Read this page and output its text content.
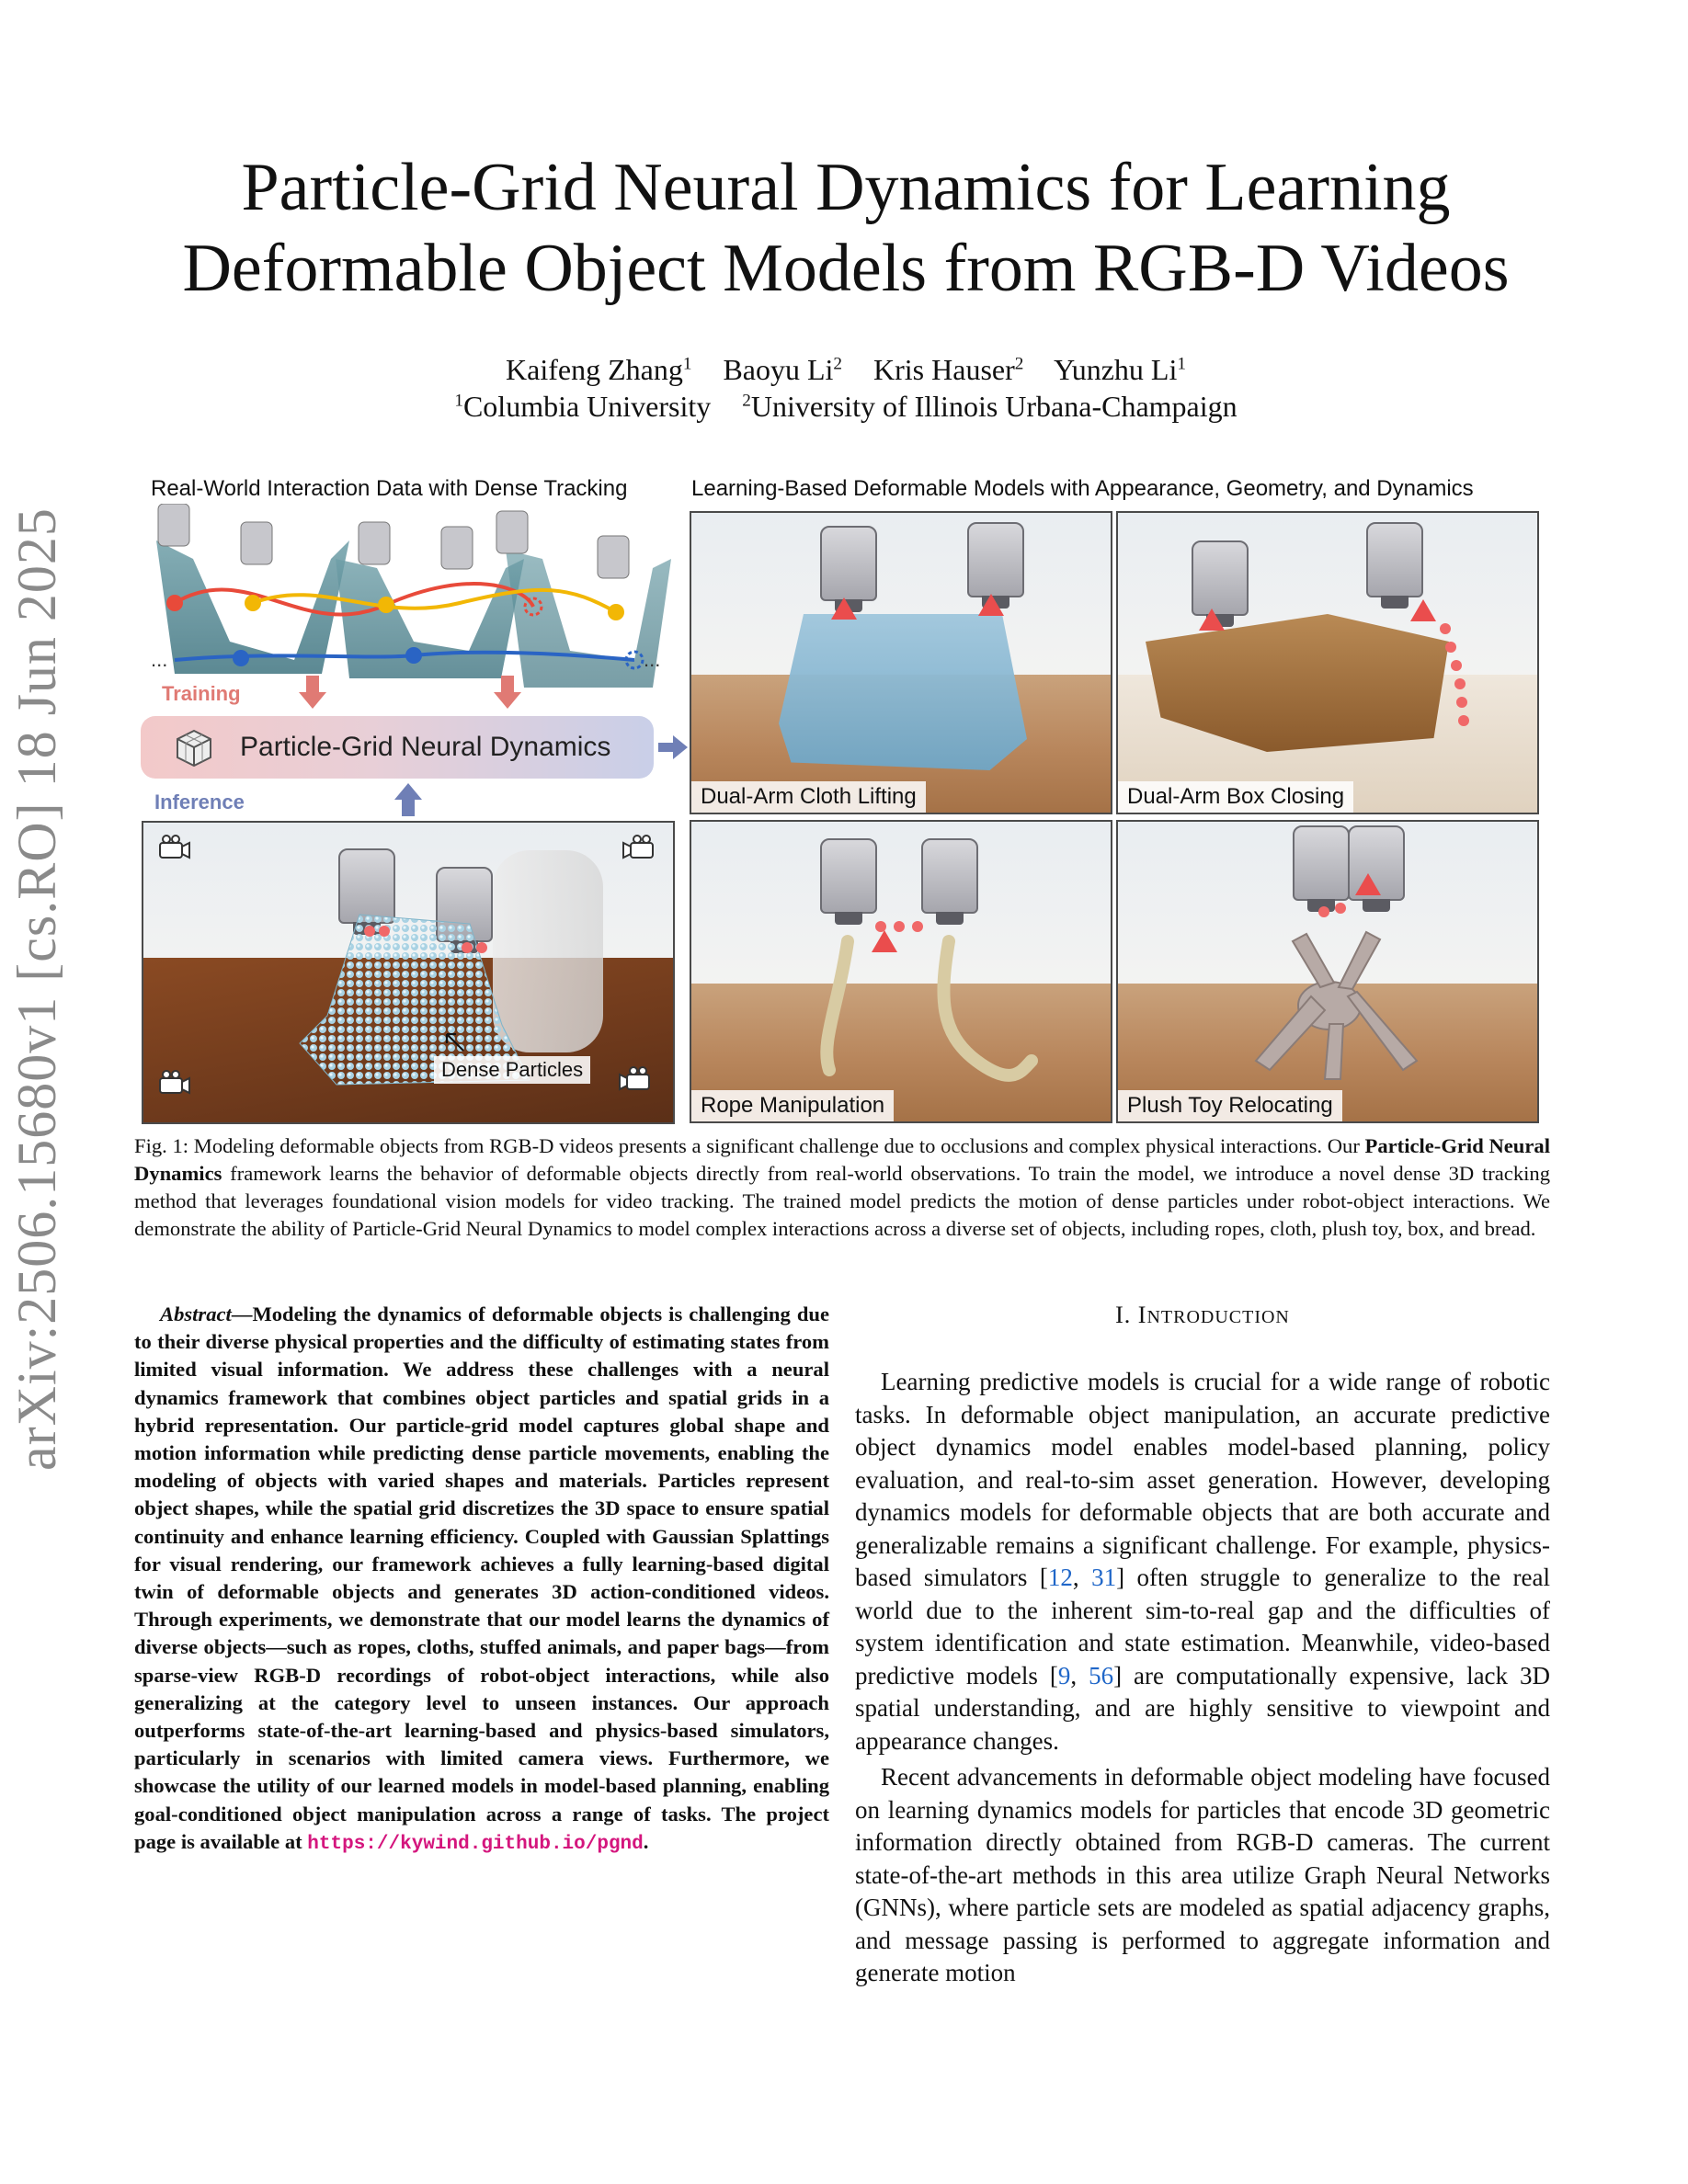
arXiv:2506.15680v1 [cs.RO] 18 Jun 2025
Particle-Grid Neural Dynamics for Learning
Deformable Object Models from RGB-D Videos
Kaifeng Zhang$^1$ Baoyu Li$^2$ Kris Hauser$^2$ Yunzhu Li$^1$
$^1$Columbia University $^2$University of Illinois Urbana-Champaign
Real-World Interaction Data with Dense Tracking	Learning-Based Deformable Models with Appearance, Geometry, and Dynamics
...	...
Training
Particle-Grid Neural Dynamics
Inference
Dense Particles
Dual-Arm Cloth Lifting	Dual-Arm Box Closing
Rope Manipulation	Plush Toy Relocating
Fig. 1: Modeling deformable objects from RGB-D videos presents a significant challenge due to occlusions and complex physical interactions. Our Particle-Grid Neural Dynamics framework learns the behavior of deformable objects directly from real-world observations. To train the model, we introduce a novel dense 3D tracking method that leverages foundational vision models for video tracking. The trained model predicts the motion of dense particles under robot-object interactions. We demonstrate the ability of Particle-Grid Neural Dynamics to model complex interactions across a diverse set of objects, including ropes, cloth, plush toy, box, and bread.
Abstract—Modeling the dynamics of deformable objects is challenging due to their diverse physical properties and the difficulty of estimating states from limited visual information. We address these challenges with a neural dynamics framework that combines object particles and spatial grids in a hybrid representation. Our particle-grid model captures global shape and motion information while predicting dense particle movements, enabling the modeling of objects with varied shapes and materials. Particles represent object shapes, while the spatial grid discretizes the 3D space to ensure spatial continuity and enhance learning efficiency. Coupled with Gaussian Splattings for visual rendering, our framework achieves a fully learning-based digital twin of deformable objects and generates 3D action-conditioned videos. Through experiments, we demonstrate that our model learns the dynamics of diverse objects—such as ropes, cloths, stuffed animals, and paper bags—from sparse-view RGB-D recordings of robot-object interactions, while also generalizing at the category level to unseen instances. Our approach outperforms state-of-the-art learning-based and physics-based simulators, particularly in scenarios with limited camera views. Furthermore, we showcase the utility of our learned models in model-based planning, enabling goal-conditioned object manipulation across a range of tasks. The project page is available at https://kywind.github.io/pgnd.
I. INTRODUCTION

Learning predictive models is crucial for a wide range of robotic tasks. In deformable object manipulation, an accurate predictive object dynamics model enables model-based planning, policy evaluation, and real-to-sim asset generation. However, developing dynamics models for deformable objects that are both accurate and generalizable remains a significant challenge. For example, physics-based simulators [12, 31] often struggle to generalize to the real world due to the inherent sim-to-real gap and the difficulties of system identification and state estimation. Meanwhile, video-based predictive models [9, 56] are computationally expensive, lack 3D spatial understanding, and are highly sensitive to viewpoint and appearance changes.

Recent advancements in deformable object modeling have focused on learning dynamics models for particles that encode 3D geometric information directly obtained from RGB-D cameras. The current state-of-the-art methods in this area utilize Graph Neural Networks (GNNs), where particle sets are modeled as spatial adjacency graphs, and message passing is performed to aggregate information and generate motion
